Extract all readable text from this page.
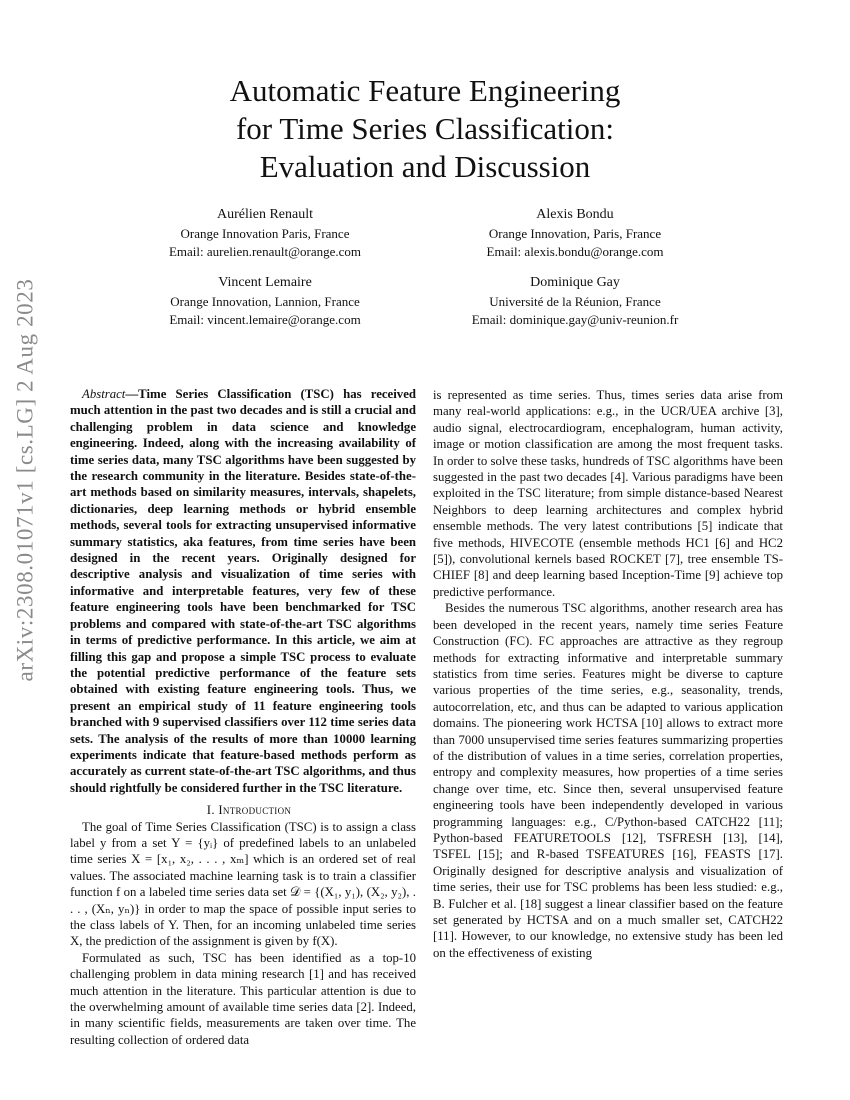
arXiv:2308.01071v1 [cs.LG] 2 Aug 2023
Automatic Feature Engineering
for Time Series Classification:
Evaluation and Discussion
Aurélien Renault
Orange Innovation Paris, France
Email: aurelien.renault@orange.com
Alexis Bondu
Orange Innovation, Paris, France
Email: alexis.bondu@orange.com
Vincent Lemaire
Orange Innovation, Lannion, France
Email: vincent.lemaire@orange.com
Dominique Gay
Université de la Réunion, France
Email: dominique.gay@univ-reunion.fr

Abstract—Time Series Classification (TSC) has received much attention in the past two decades and is still a crucial and challenging problem in data science and knowledge engineering. Indeed, along with the increasing availability of time series data, many TSC algorithms have been suggested by the research community in the literature. Besides state-of-the-art methods based on similarity measures, intervals, shapelets, dictionaries, deep learning methods or hybrid ensemble methods, several tools for extracting unsupervised informative summary statistics, aka features, from time series have been designed in the recent years. Originally designed for descriptive analysis and visualization of time series with informative and interpretable features, very few of these feature engineering tools have been benchmarked for TSC problems and compared with state-of-the-art TSC algorithms in terms of predictive performance. In this article, we aim at filling this gap and propose a simple TSC process to evaluate the potential predictive performance of the feature sets obtained with existing feature engineering tools. Thus, we present an empirical study of 11 feature engineering tools branched with 9 supervised classifiers over 112 time series data sets. The analysis of the results of more than 10000 learning experiments indicate that feature-based methods perform as accurately as current state-of-the-art TSC algorithms, and thus should rightfully be considered further in the TSC literature.

I. Introduction

The goal of Time Series Classification (TSC) is to assign a class label y from a set Y = {yᵢ} of predefined labels to an unlabeled time series X = [x₁, x₂, . . . , xₘ] which is an ordered set of real values. The associated machine learning task is to train a classifier function f on a labeled time series data set 𝒟 = {(X₁, y₁), (X₂, y₂), . . . , (Xₙ, yₙ)} in order to map the space of possible input series to the class labels of Y. Then, for an incoming unlabeled time series X, the prediction of the assignment is given by f(X).

Formulated as such, TSC has been identified as a top-10 challenging problem in data mining research [1] and has received much attention in the literature. This particular attention is due to the overwhelming amount of available time series data [2]. Indeed, in many scientific fields, measurements are taken over time. The resulting collection of ordered data

is represented as time series. Thus, times series data arise from many real-world applications: e.g., in the UCR/UEA archive [3], audio signal, electrocardiogram, encephalogram, human activity, image or motion classification are among the most frequent tasks. In order to solve these tasks, hundreds of TSC algorithms have been suggested in the past two decades [4]. Various paradigms have been exploited in the TSC literature; from simple distance-based Nearest Neighbors to deep learning architectures and complex hybrid ensemble methods. The very latest contributions [5] indicate that five methods, HIVECOTE (ensemble methods HC1 [6] and HC2 [5]), convolutional kernels based ROCKET [7], tree ensemble TS-CHIEF [8] and deep learning based Inception-Time [9] achieve top predictive performance.

Besides the numerous TSC algorithms, another research area has been developed in the recent years, namely time series Feature Construction (FC). FC approaches are attractive as they regroup methods for extracting informative and interpretable summary statistics from time series. Features might be diverse to capture various properties of the time series, e.g., seasonality, trends, autocorrelation, etc, and thus can be adapted to various application domains. The pioneering work HCTSA [10] allows to extract more than 7000 unsupervised time series features summarizing properties of the distribution of values in a time series, correlation properties, entropy and complexity measures, how properties of a time series change over time, etc. Since then, several unsupervised feature engineering tools have been independently developed in various programming languages: e.g., C/Python-based CATCH22 [11]; Python-based FEATURETOOLS [12], TSFRESH [13], [14], TSFEL [15]; and R-based TSFEATURES [16], FEASTS [17]. Originally designed for descriptive analysis and visualization of time series, their use for TSC problems has been less studied: e.g., B. Fulcher et al. [18] suggest a linear classifier based on the feature set generated by HCTSA and on a much smaller set, CATCH22 [11]. However, to our knowledge, no extensive study has been led on the effectiveness of existing
